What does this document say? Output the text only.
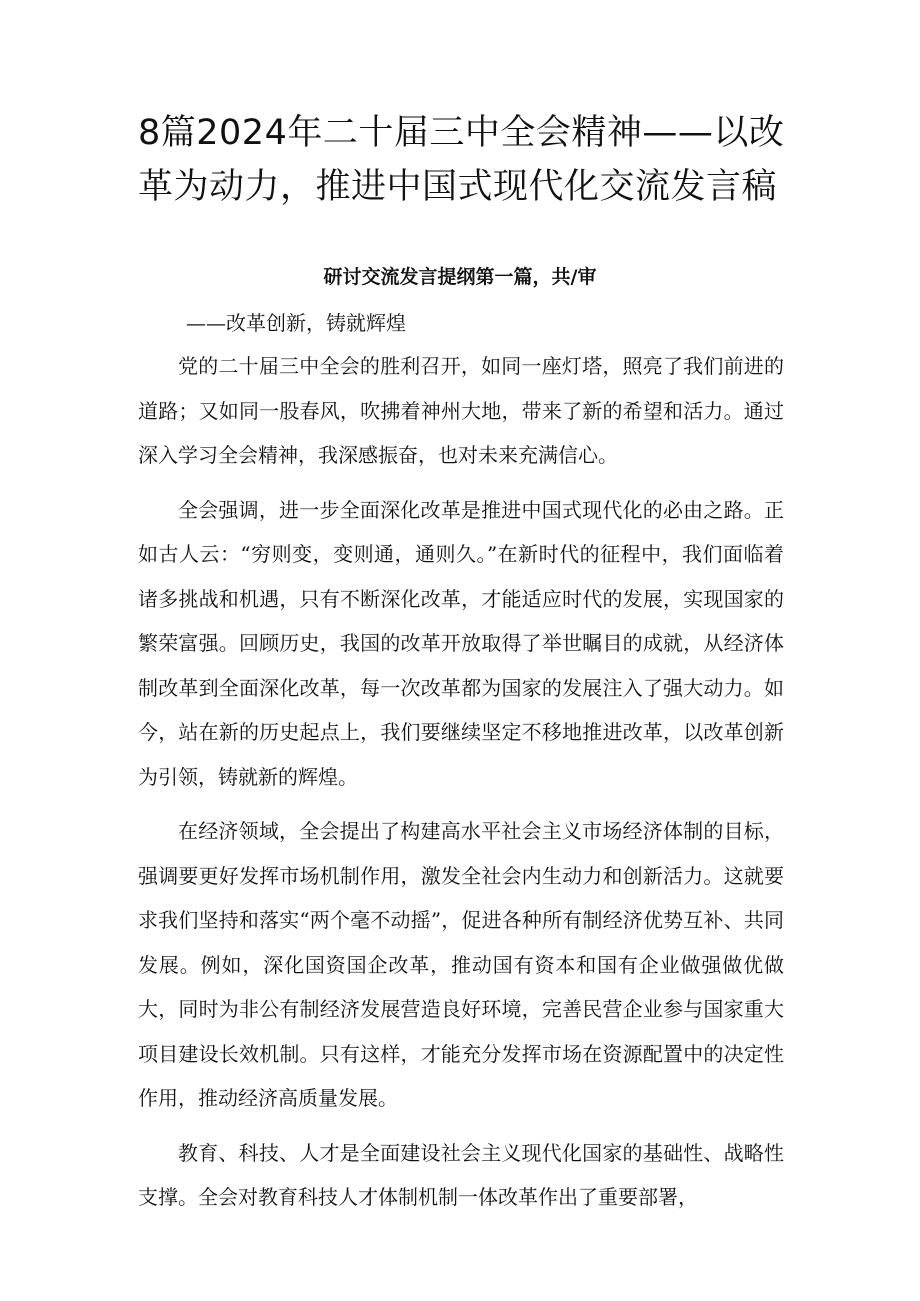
8篇2024年二十届三中全会精神——以改革为动力，推进中国式现代化交流发言稿
研讨交流发言提纲第一篇，共/审

——改革创新，铸就辉煌

党的二十届三中全会的胜利召开，如同一座灯塔，照亮了我们前进的道路；又如同一股春风，吹拂着神州大地，带来了新的希望和活力。通过深入学习全会精神，我深感振奋，也对未来充满信心。

全会强调，进一步全面深化改革是推进中国式现代化的必由之路。正如古人云：“穷则变，变则通，通则久。”在新时代的征程中，我们面临着诸多挑战和机遇，只有不断深化改革，才能适应时代的发展，实现国家的繁荣富强。回顾历史，我国的改革开放取得了举世瞩目的成就，从经济体制改革到全面深化改革，每一次改革都为国家的发展注入了强大动力。如今，站在新的历史起点上，我们要继续坚定不移地推进改革，以改革创新为引领，铸就新的辉煌。

在经济领域，全会提出了构建高水平社会主义市场经济体制的目标，强调要更好发挥市场机制作用，激发全社会内生动力和创新活力。这就要求我们坚持和落实“两个毫不动摇”，促进各种所有制经济优势互补、共同发展。例如，深化国资国企改革，推动国有资本和国有企业做强做优做大，同时为非公有制经济发展营造良好环境，完善民营企业参与国家重大项目建设长效机制。只有这样，才能充分发挥市场在资源配置中的决定性作用，推动经济高质量发展。

教育、科技、人才是全面建设社会主义现代化国家的基础性、战略性支撑。全会对教育科技人才体制机制一体改革作出了重要部署，
